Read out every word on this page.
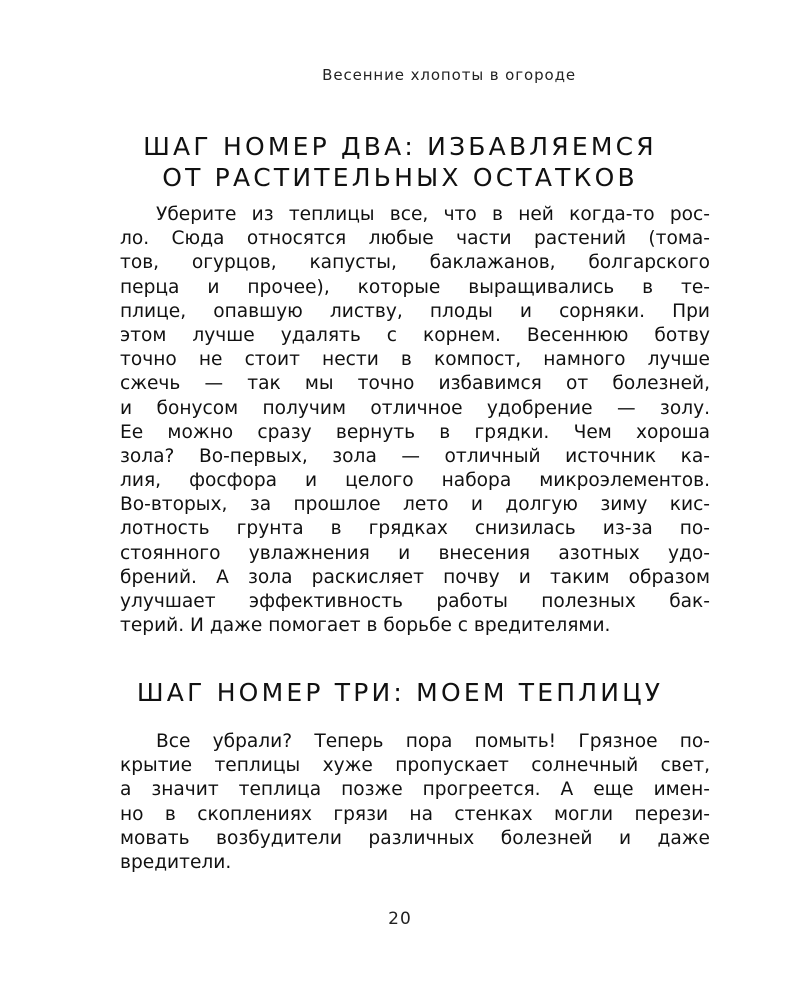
Весенние хлопоты в огороде
ШАГ НОМЕР ДВА: ИЗБАВЛЯЕМСЯ
ОТ РАСТИТЕЛЬНЫХ ОСТАТКОВ
Уберите из теплицы все, что в ней когда-то рос-
ло. Сюда относятся любые части растений (тома-
тов, огурцов, капусты, баклажанов, болгарского
перца и прочее), которые выращивались в те-
плице, опавшую листву, плоды и сорняки. При
этом лучше удалять с корнем. Весеннюю ботву
точно не стоит нести в компост, намного лучше
сжечь — так мы точно избавимся от болезней,
и бонусом получим отличное удобрение — золу.
Ее можно сразу вернуть в грядки. Чем хороша
зола? Во-первых, зола — отличный источник ка-
лия, фосфора и целого набора микроэлементов.
Во-вторых, за прошлое лето и долгую зиму кис-
лотность грунта в грядках снизилась из-за по-
стоянного увлажнения и внесения азотных удо-
брений. А зола раскисляет почву и таким образом
улучшает эффективность работы полезных бак-
терий. И даже помогает в борьбе с вредителями.
ШАГ НОМЕР ТРИ: МОЕМ ТЕПЛИЦУ
Все убрали? Теперь пора помыть! Грязное по-
крытие теплицы хуже пропускает солнечный свет,
а значит теплица позже прогреется. А еще имен-
но в скоплениях грязи на стенках могли перези-
мовать возбудители различных болезней и даже
вредители.
20
